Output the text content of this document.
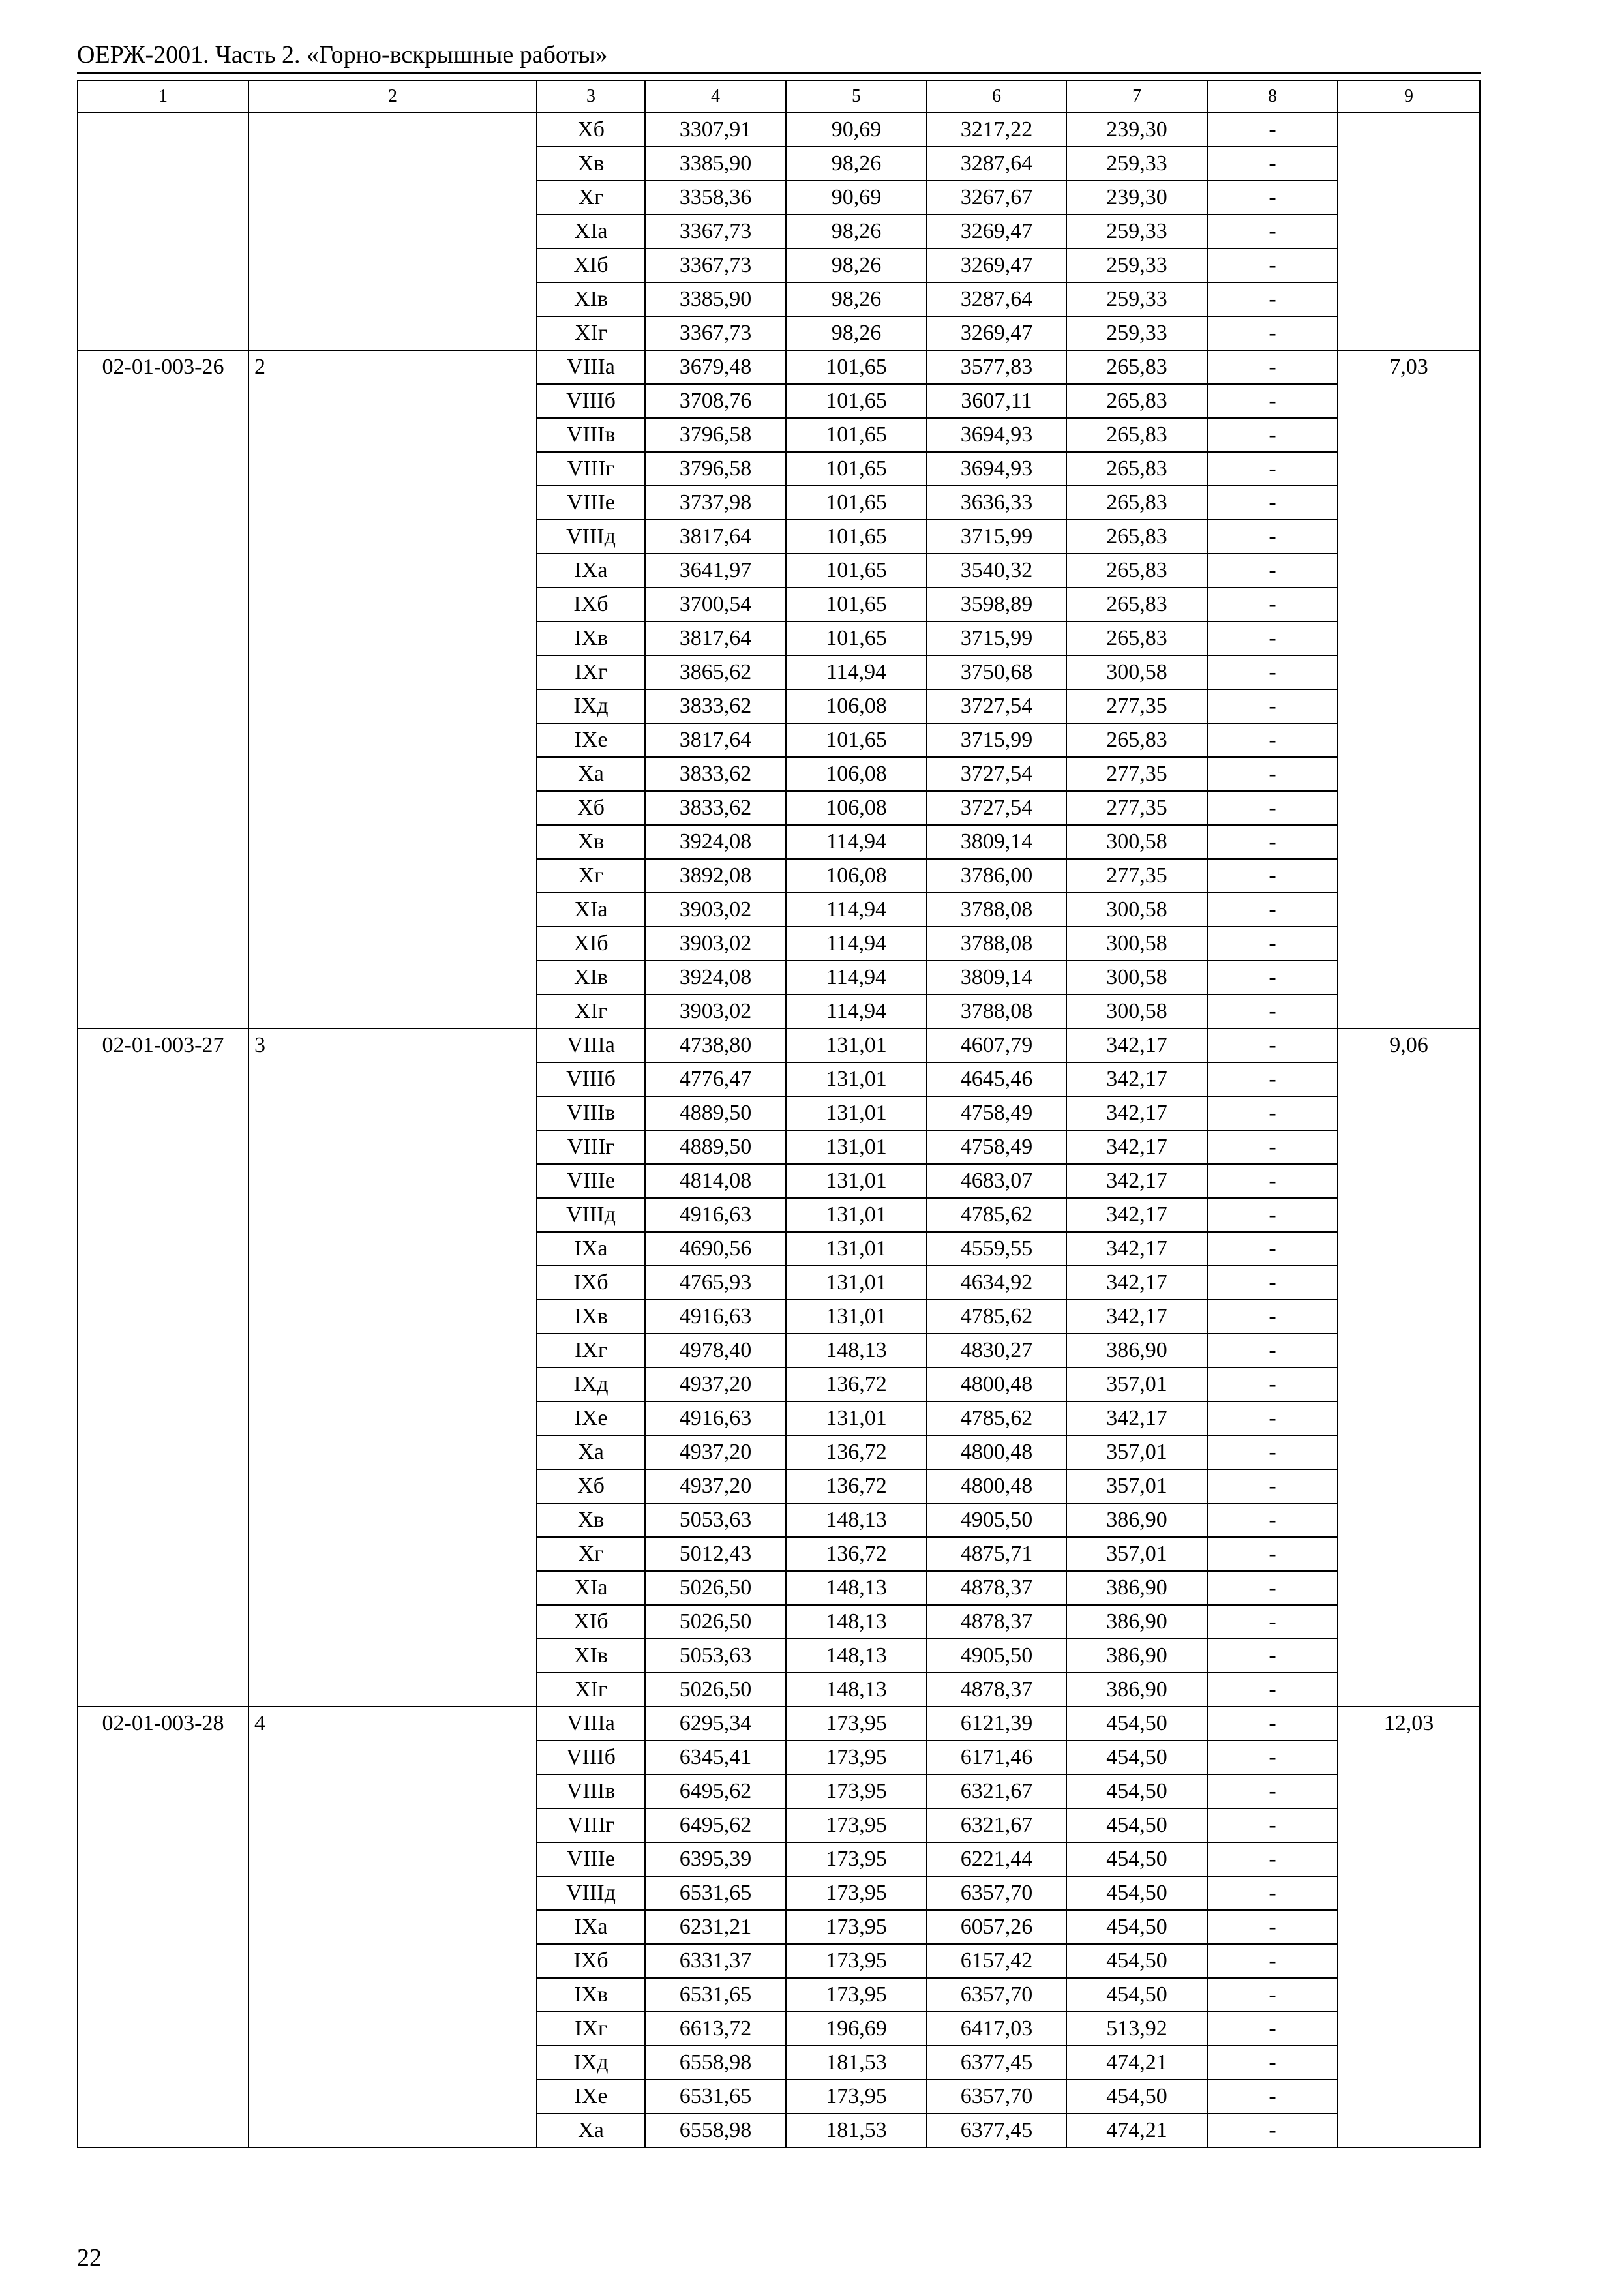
ОЕРЖ-2001. Часть 2. «Горно-вскрышные работы»
1	2	3	4	5	6	7	8	9
		Xб	3307,91	90,69	3217,22	239,30	-	
		Xв	3385,90	98,26	3287,64	259,33	-	
		Xг	3358,36	90,69	3267,67	239,30	-	
		XIа	3367,73	98,26	3269,47	259,33	-	
		XIб	3367,73	98,26	3269,47	259,33	-	
		XIв	3385,90	98,26	3287,64	259,33	-	
		XIг	3367,73	98,26	3269,47	259,33	-	
02-01-003-26	2	VIIIа	3679,48	101,65	3577,83	265,83	-	7,03
		VIIIб	3708,76	101,65	3607,11	265,83	-	
		VIIIв	3796,58	101,65	3694,93	265,83	-	
		VIIIг	3796,58	101,65	3694,93	265,83	-	
		VIIIе	3737,98	101,65	3636,33	265,83	-	
		VIIIд	3817,64	101,65	3715,99	265,83	-	
		IXа	3641,97	101,65	3540,32	265,83	-	
		IXб	3700,54	101,65	3598,89	265,83	-	
		IXв	3817,64	101,65	3715,99	265,83	-	
		IXг	3865,62	114,94	3750,68	300,58	-	
		IXд	3833,62	106,08	3727,54	277,35	-	
		IXе	3817,64	101,65	3715,99	265,83	-	
		Xа	3833,62	106,08	3727,54	277,35	-	
		Xб	3833,62	106,08	3727,54	277,35	-	
		Xв	3924,08	114,94	3809,14	300,58	-	
		Xг	3892,08	106,08	3786,00	277,35	-	
		XIа	3903,02	114,94	3788,08	300,58	-	
		XIб	3903,02	114,94	3788,08	300,58	-	
		XIв	3924,08	114,94	3809,14	300,58	-	
		XIг	3903,02	114,94	3788,08	300,58	-	
02-01-003-27	3	VIIIа	4738,80	131,01	4607,79	342,17	-	9,06
		VIIIб	4776,47	131,01	4645,46	342,17	-	
		VIIIв	4889,50	131,01	4758,49	342,17	-	
		VIIIг	4889,50	131,01	4758,49	342,17	-	
		VIIIе	4814,08	131,01	4683,07	342,17	-	
		VIIIд	4916,63	131,01	4785,62	342,17	-	
		IXа	4690,56	131,01	4559,55	342,17	-	
		IXб	4765,93	131,01	4634,92	342,17	-	
		IXв	4916,63	131,01	4785,62	342,17	-	
		IXг	4978,40	148,13	4830,27	386,90	-	
		IXд	4937,20	136,72	4800,48	357,01	-	
		IXе	4916,63	131,01	4785,62	342,17	-	
		Xа	4937,20	136,72	4800,48	357,01	-	
		Xб	4937,20	136,72	4800,48	357,01	-	
		Xв	5053,63	148,13	4905,50	386,90	-	
		Xг	5012,43	136,72	4875,71	357,01	-	
		XIа	5026,50	148,13	4878,37	386,90	-	
		XIб	5026,50	148,13	4878,37	386,90	-	
		XIв	5053,63	148,13	4905,50	386,90	-	
		XIг	5026,50	148,13	4878,37	386,90	-	
02-01-003-28	4	VIIIа	6295,34	173,95	6121,39	454,50	-	12,03
		VIIIб	6345,41	173,95	6171,46	454,50	-	
		VIIIв	6495,62	173,95	6321,67	454,50	-	
		VIIIг	6495,62	173,95	6321,67	454,50	-	
		VIIIе	6395,39	173,95	6221,44	454,50	-	
		VIIIд	6531,65	173,95	6357,70	454,50	-	
		IXа	6231,21	173,95	6057,26	454,50	-	
		IXб	6331,37	173,95	6157,42	454,50	-	
		IXв	6531,65	173,95	6357,70	454,50	-	
		IXг	6613,72	196,69	6417,03	513,92	-	
		IXд	6558,98	181,53	6377,45	474,21	-	
		IXе	6531,65	173,95	6357,70	454,50	-	
		Xа	6558,98	181,53	6377,45	474,21	-	
22
